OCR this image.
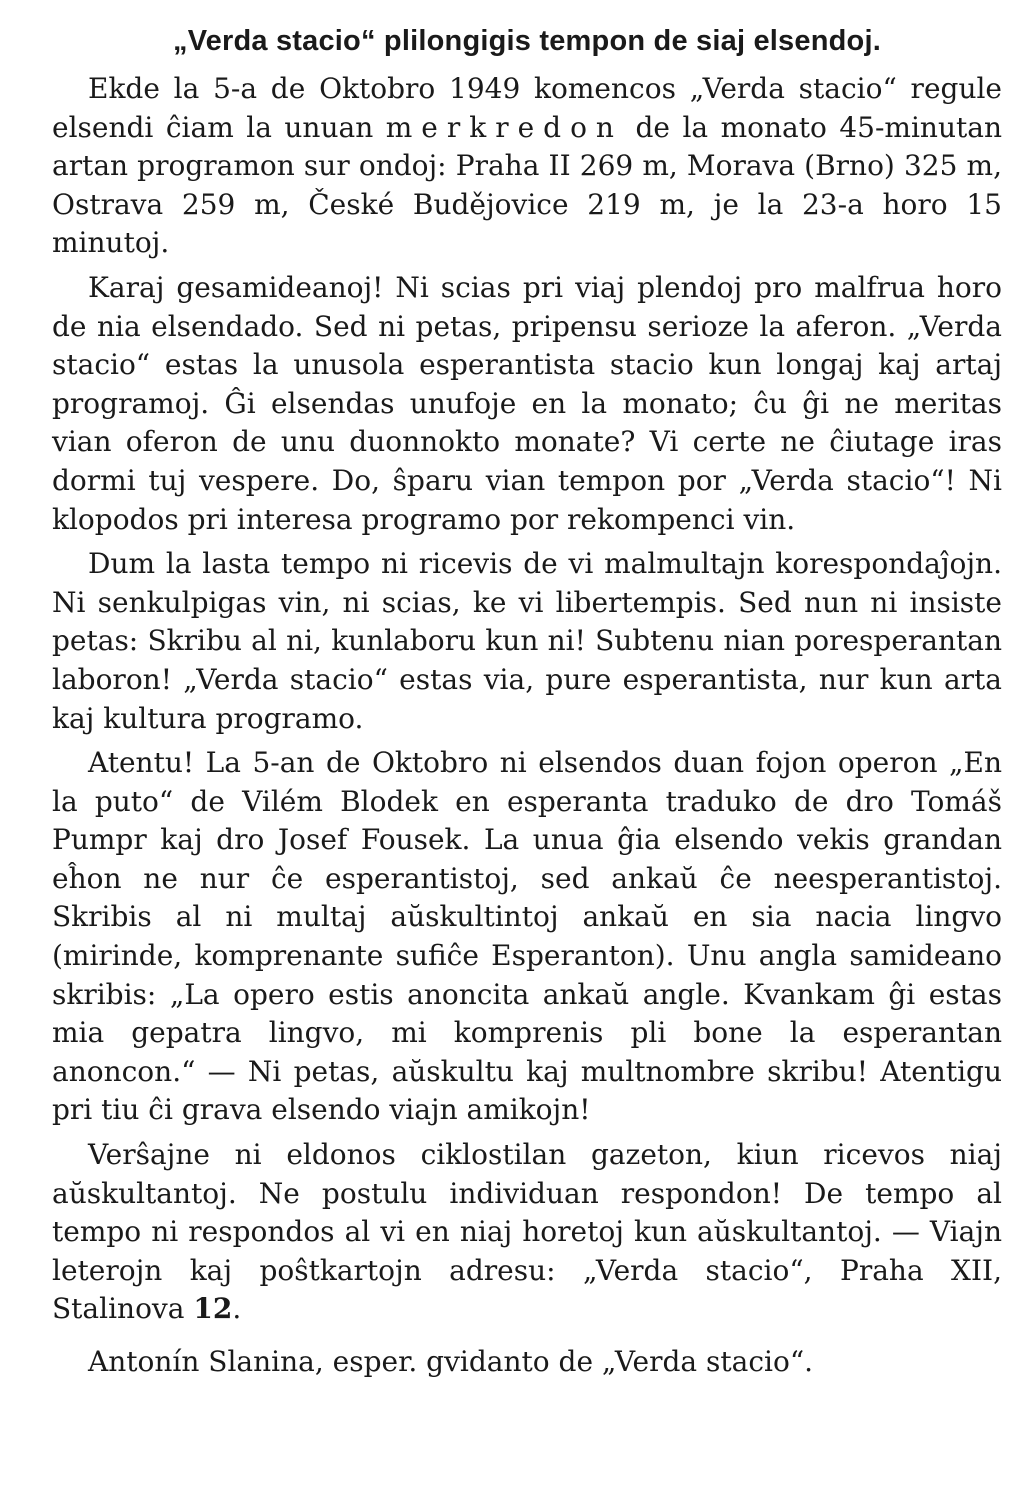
„Verda stacio“ plilongigis tempon de siaj elsendoj.

Ekde la 5-a de Oktobro 1949 komencos „Verda stacio“ regule elsendi ĉiam la unuan merkredon de la monato 45-minutan artan programon sur ondoj: Praha II 269 m, Morava (Brno) 325 m, Ostrava 259 m, České Budějovice 219 m, je la 23-a horo 15 minutoj.

Karaj gesamideanoj! Ni scias pri viaj plendoj pro malfrua horo de nia elsendado. Sed ni petas, pripensu serioze la aferon. „Verda stacio“ estas la unusola esperantista stacio kun longaj kaj artaj programoj. Ĝi elsendas unufoje en la monato; ĉu ĝi ne meritas vian oferon de unu duonnokto monate? Vi certe ne ĉiutage iras dormi tuj vespere. Do, ŝparu vian tempon por „Verda stacio“! Ni klopodos pri interesa programo por rekompenci vin.

Dum la lasta tempo ni ricevis de vi malmultajn korespondaĵojn. Ni senkulpigas vin, ni scias, ke vi libertempis. Sed nun ni insiste petas: Skribu al ni, kunlaboru kun ni! Subtenu nian poresperantan laboron! „Verda stacio“ estas via, pure esperantista, nur kun arta kaj kultura programo.

Atentu! La 5-an de Oktobro ni elsendos duan fojon operon „En la puto“ de Vilém Blodek en esperanta traduko de dro Tomáš Pumpr kaj dro Josef Fousek. La unua ĝia elsendo vekis grandan eĥon ne nur ĉe esperantistoj, sed ankaŭ ĉe neesperantistoj. Skribis al ni multaj aŭskultintoj ankaŭ en sia nacia lingvo (mirinde, komprenante sufiĉe Esperanton). Unu angla samideano skribis: „La opero estis anoncita ankaŭ angle. Kvankam ĝi estas mia gepatra lingvo, mi komprenis pli bone la esperantan anoncon.“ — Ni petas, aŭskultu kaj multnombre skribu! Atentigu pri tiu ĉi grava elsendo viajn amikojn!

Verŝajne ni eldonos ciklostilan gazeton, kiun ricevos niaj aŭskultantoj. Ne postulu individuan respondon! De tempo al tempo ni respondos al vi en niaj horetoj kun aŭskultantoj. — Viajn leterojn kaj poŝtkartojn adresu: „Verda stacio“, Praha XII, Stalinova 12.

Antonín Slanina, esper. gvidanto de „Verda stacio“.
